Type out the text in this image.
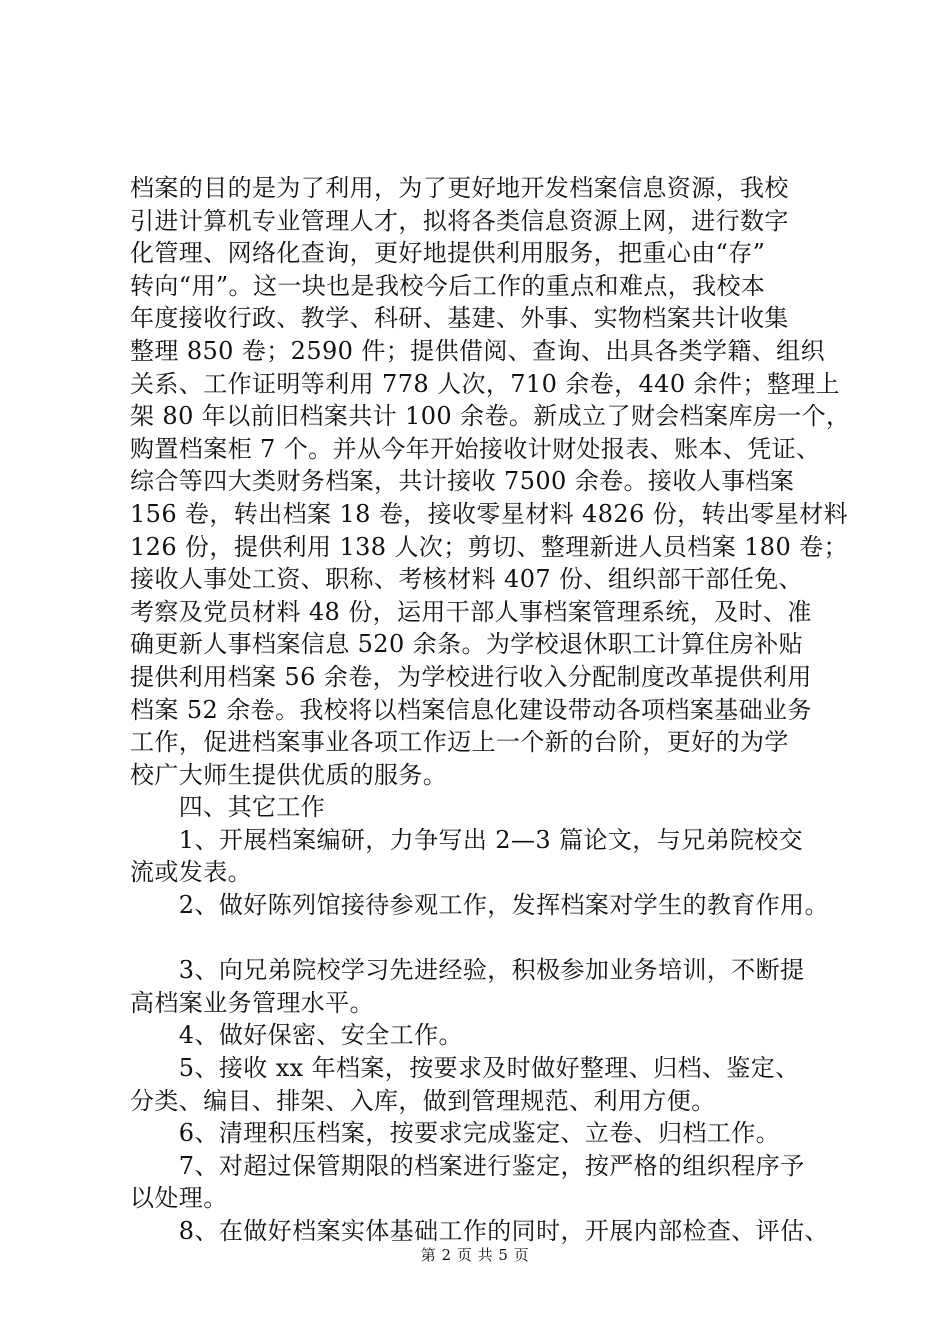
档案的目的是为了利用，为了更好地开发档案信息资源，我校
引进计算机专业管理人才，拟将各类信息资源上网，进行数字
化管理、网络化查询，更好地提供利用服务，把重心由“存”
转向“用”。这一块也是我校今后工作的重点和难点，我校本
年度接收行政、教学、科研、基建、外事、实物档案共计收集
整理 850 卷；2590 件；提供借阅、查询、出具各类学籍、组织
关系、工作证明等利用 778 人次，710 余卷，440 余件；整理上
架 80 年以前旧档案共计 100 余卷。新成立了财会档案库房一个，
购置档案柜 7 个。并从今年开始接收计财处报表、账本、凭证、
综合等四大类财务档案，共计接收 7500 余卷。接收人事档案
156 卷，转出档案 18 卷，接收零星材料 4826 份，转出零星材料
126 份，提供利用 138 人次；剪切、整理新进人员档案 180 卷；
接收人事处工资、职称、考核材料 407 份、组织部干部任免、
考察及党员材料 48 份，运用干部人事档案管理系统，及时、准
确更新人事档案信息 520 余条。为学校退休职工计算住房补贴
提供利用档案 56 余卷，为学校进行收入分配制度改革提供利用
档案 52 余卷。我校将以档案信息化建设带动各项档案基础业务
工作，促进档案事业各项工作迈上一个新的台阶，更好的为学
校广大师生提供优质的服务。
　　四、其它工作
　　1、开展档案编研，力争写出 2—3 篇论文，与兄弟院校交
流或发表。
　　2、做好陈列馆接待参观工作，发挥档案对学生的教育作用。
　　3、向兄弟院校学习先进经验，积极参加业务培训，不断提
高档案业务管理水平。
　　4、做好保密、安全工作。
　　5、接收 xx 年档案，按要求及时做好整理、归档、鉴定、
分类、编目、排架、入库，做到管理规范、利用方便。
　　6、清理积压档案，按要求完成鉴定、立卷、归档工作。
　　7、对超过保管期限的档案进行鉴定，按严格的组织程序予
以处理。
　　8、在做好档案实体基础工作的同时，开展内部检查、评估、
第 2 页 共 5 页
